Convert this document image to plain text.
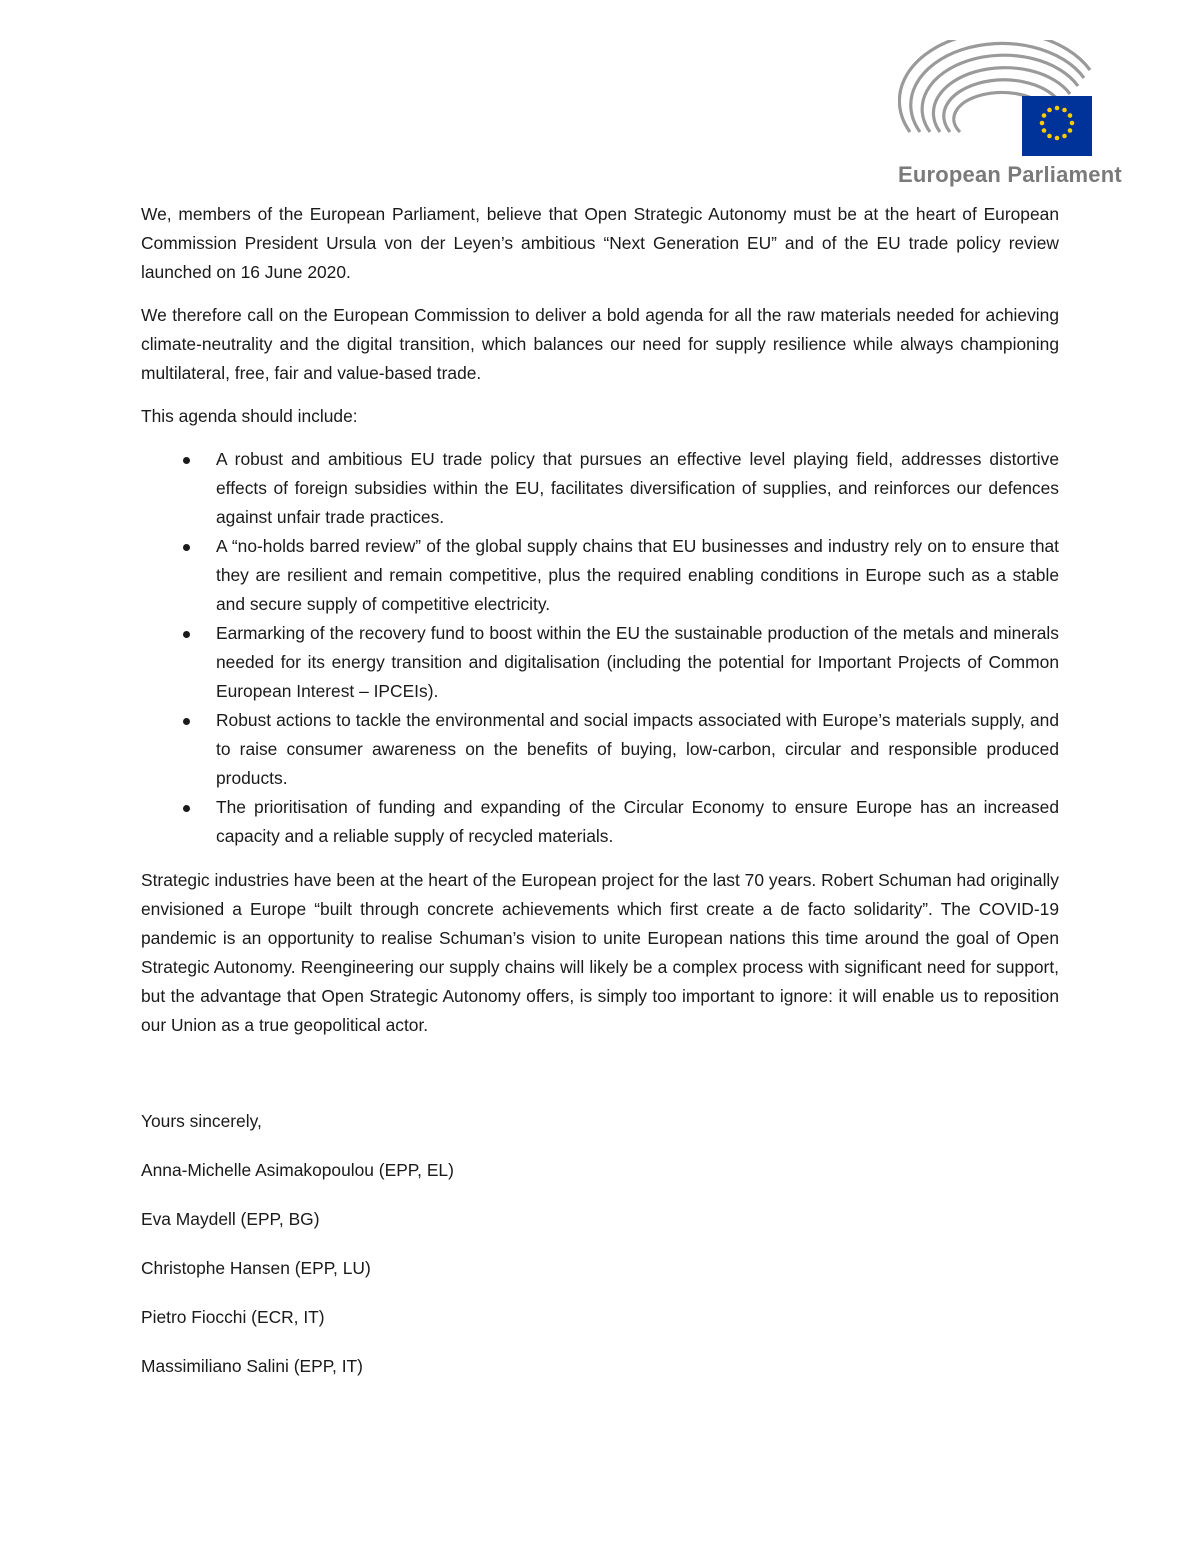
European Parliament

We, members of the European Parliament, believe that Open Strategic Autonomy must be at the heart of European Commission President Ursula von der Leyen’s ambitious “Next Generation EU” and of the EU trade policy review launched on 16 June 2020.

We therefore call on the European Commission to deliver a bold agenda for all the raw materials needed for achieving climate-neutrality and the digital transition, which balances our need for supply resilience while always championing multilateral, free, fair and value-based trade.

This agenda should include:

A robust and ambitious EU trade policy that pursues an effective level playing field, addresses distortive effects of foreign subsidies within the EU, facilitates diversification of supplies, and reinforces our defences against unfair trade practices.
A “no-holds barred review” of the global supply chains that EU businesses and industry rely on to ensure that they are resilient and remain competitive, plus the required enabling conditions in Europe such as a stable and secure supply of competitive electricity.
Earmarking of the recovery fund to boost within the EU the sustainable production of the metals and minerals needed for its energy transition and digitalisation (including the potential for Important Projects of Common European Interest – IPCEIs).
Robust actions to tackle the environmental and social impacts associated with Europe’s materials supply, and to raise consumer awareness on the benefits of buying, low-carbon, circular and responsible produced products.
The prioritisation of funding and expanding of the Circular Economy to ensure Europe has an increased capacity and a reliable supply of recycled materials.

Strategic industries have been at the heart of the European project for the last 70 years. Robert Schuman had originally envisioned a Europe “built through concrete achievements which first create a de facto solidarity”. The COVID-19 pandemic is an opportunity to realise Schuman’s vision to unite European nations this time around the goal of Open Strategic Autonomy. Reengineering our supply chains will likely be a complex process with significant need for support, but the advantage that Open Strategic Autonomy offers, is simply too important to ignore: it will enable us to reposition our Union as a true geopolitical actor.

Yours sincerely,

Anna-Michelle Asimakopoulou (EPP, EL)

Eva Maydell (EPP, BG)

Christophe Hansen (EPP, LU)

Pietro Fiocchi (ECR, IT)

Massimiliano Salini (EPP, IT)
